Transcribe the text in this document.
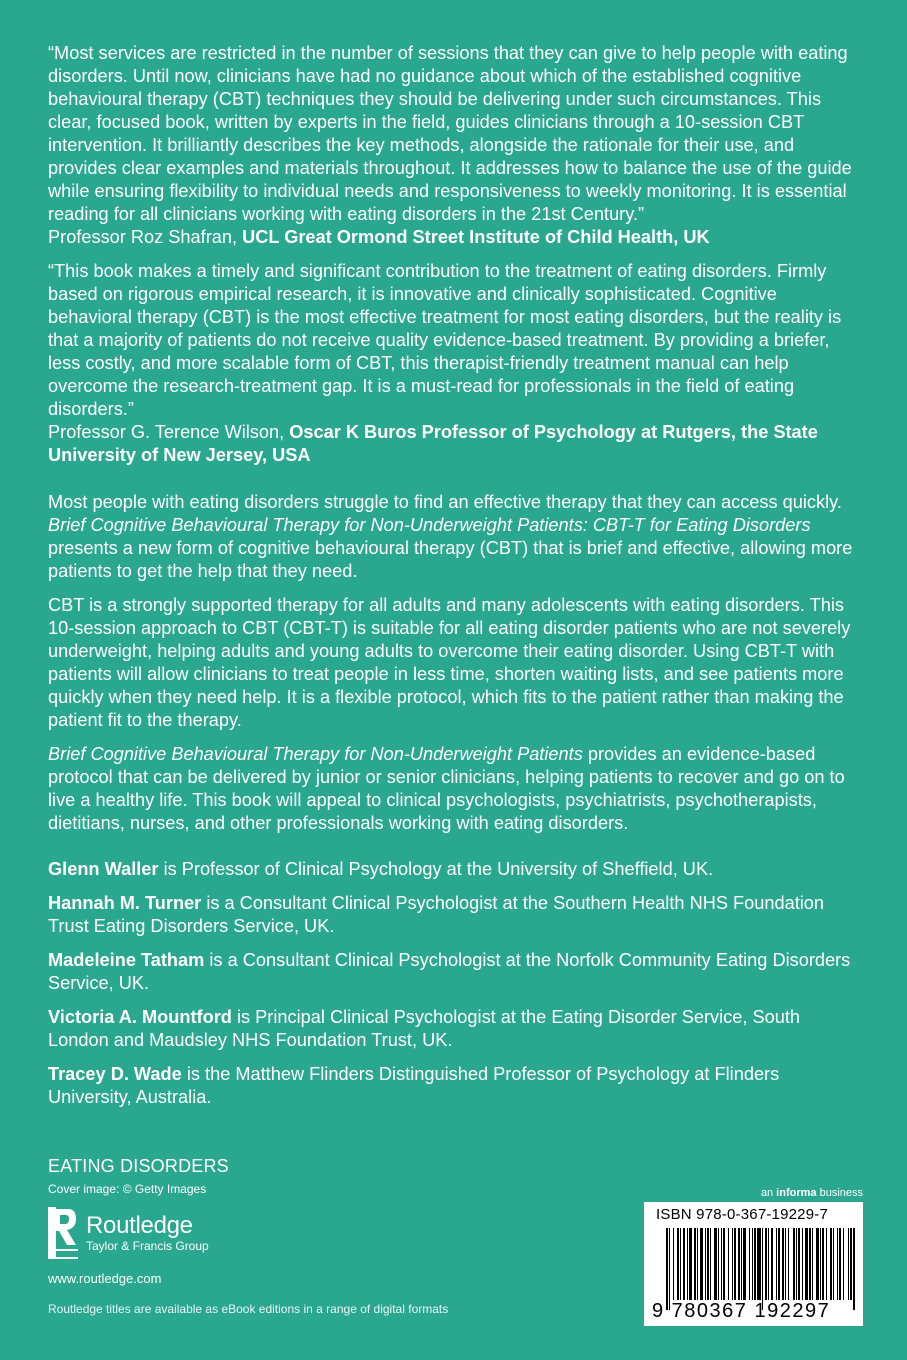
“Most services are restricted in the number of sessions that they can give to help people with eating disorders. Until now, clinicians have had no guidance about which of the established cognitive behavioural therapy (CBT) techniques they should be delivering under such circumstances. This clear, focused book, written by experts in the field, guides clinicians through a 10-session CBT intervention. It brilliantly describes the key methods, alongside the rationale for their use, and provides clear examples and materials throughout. It addresses how to balance the use of the guide while ensuring flexibility to individual needs and responsiveness to weekly monitoring. It is essential reading for all clinicians working with eating disorders in the 21st Century.”

Professor Roz Shafran, UCL Great Ormond Street Institute of Child Health, UK

“This book makes a timely and significant contribution to the treatment of eating disorders. Firmly based on rigorous empirical research, it is innovative and clinically sophisticated. Cognitive behavioral therapy (CBT) is the most effective treatment for most eating disorders, but the reality is that a majority of patients do not receive quality evidence-based treatment. By providing a briefer, less costly, and more scalable form of CBT, this therapist-friendly treatment manual can help overcome the research-treatment gap. It is a must-read for professionals in the field of eating disorders.”

Professor G. Terence Wilson, Oscar K Buros Professor of Psychology at Rutgers, the State University of New Jersey, USA

Most people with eating disorders struggle to find an effective therapy that they can access quickly. Brief Cognitive Behavioural Therapy for Non-Underweight Patients: CBT-T for Eating Disorders presents a new form of cognitive behavioural therapy (CBT) that is brief and effective, allowing more patients to get the help that they need.

CBT is a strongly supported therapy for all adults and many adolescents with eating disorders. This 10-session approach to CBT (CBT-T) is suitable for all eating disorder patients who are not severely underweight, helping adults and young adults to overcome their eating disorder. Using CBT-T with patients will allow clinicians to treat people in less time, shorten waiting lists, and see patients more quickly when they need help. It is a flexible protocol, which fits to the patient rather than making the patient fit to the therapy.

Brief Cognitive Behavioural Therapy for Non-Underweight Patients provides an evidence-based protocol that can be delivered by junior or senior clinicians, helping patients to recover and go on to live a healthy life. This book will appeal to clinical psychologists, psychiatrists, psychotherapists, dietitians, nurses, and other professionals working with eating disorders.

Glenn Waller is Professor of Clinical Psychology at the University of Sheffield, UK.

Hannah M. Turner is a Consultant Clinical Psychologist at the Southern Health NHS Foundation Trust Eating Disorders Service, UK.

Madeleine Tatham is a Consultant Clinical Psychologist at the Norfolk Community Eating Disorders Service, UK.

Victoria A. Mountford is Principal Clinical Psychologist at the Eating Disorder Service, South London and Maudsley NHS Foundation Trust, UK.

Tracey D. Wade is the Matthew Flinders Distinguished Professor of Psychology at Flinders University, Australia.

EATING DISORDERS
Cover image: © Getty Images
Routledge
Taylor & Francis Group
www.routledge.com
Routledge titles are available as eBook editions in a range of digital formats
an informa business
ISBN 978-0-367-19229-7
9 780367 192297
